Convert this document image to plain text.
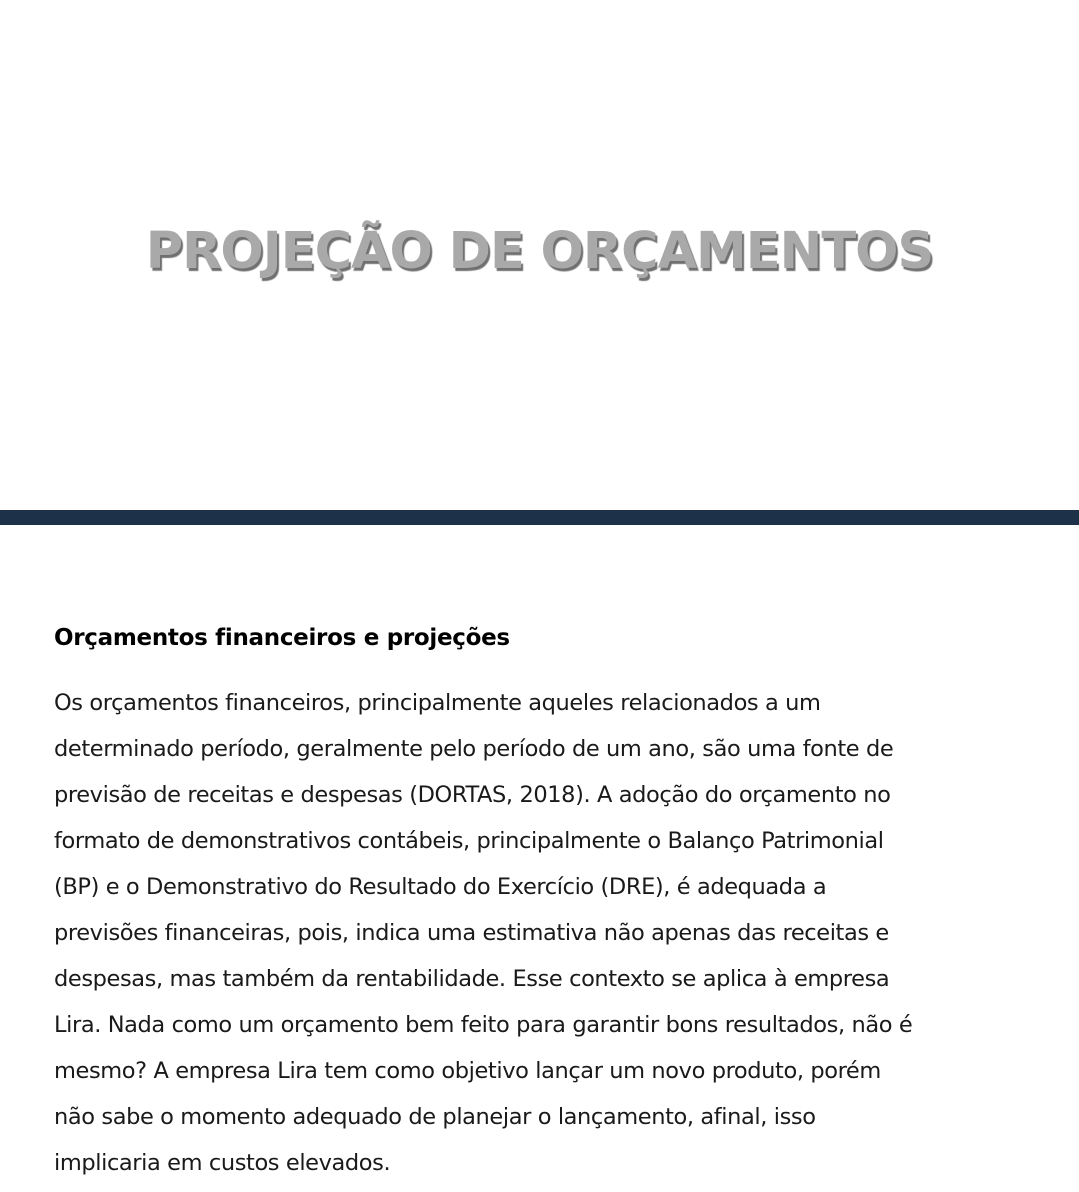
PROJEÇÃO DE ORÇAMENTOS
Orçamentos financeiros e projeções

Os orçamentos financeiros, principalmente aqueles relacionados a um
determinado período, geralmente pelo período de um ano, são uma fonte de
previsão de receitas e despesas (DORTAS, 2018). A adoção do orçamento no
formato de demonstrativos contábeis, principalmente o Balanço Patrimonial
(BP) e o Demonstrativo do Resultado do Exercício (DRE), é adequada a
previsões financeiras, pois, indica uma estimativa não apenas das receitas e
despesas, mas também da rentabilidade. Esse contexto se aplica à empresa
Lira. Nada como um orçamento bem feito para garantir bons resultados, não é
mesmo? A empresa Lira tem como objetivo lançar um novo produto, porém
não sabe o momento adequado de planejar o lançamento, afinal, isso
implicaria em custos elevados.
